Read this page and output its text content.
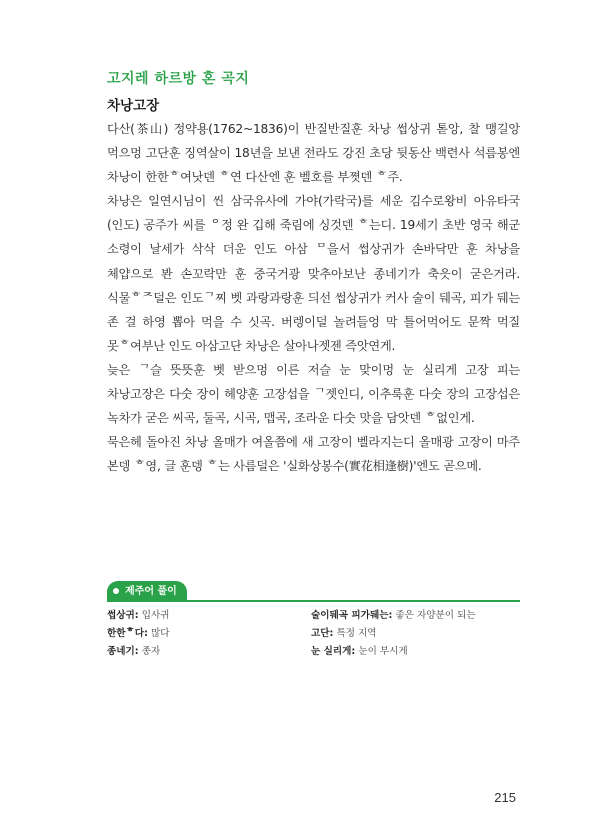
고지레 하르방 혼 곡지
차낭고장

다산(茶山) 정약용(1762~1836)이 반질반질훈 차낭 썹상귀 톧앙, 찰 맹길앙 먹으멍 고단훈 징역살이 18년을 보낸 전라도 강진 초당 뒷동산 백련사 석름봉엔 차낭이 한한ᄒ여낫덴 ᄒ연 다산엔 훈 벨호를 부쪗덴 ᄒ주.

차낭은 일연시님이 씬 삼국유사에 가야(가락국)를 세운 김수로왕비 아유타국(인도) 공주가 씨를 ᄋ정 완 깁해 죽림에 싱것덴 ᄒ는디. 19세기 초반 영국 해군 소령이 날세가 삭삭 더운 인도 아삼 ᄆ을서 썹상귀가 손바닥만 훈 차낭을 체얍으로 봔 손꼬락만 훈 중국거광 맞추아보난 종네기가 축읏이 굳은거라. 식물ᄒᄌ덜은 인도ᄀ찌 벳 과랑과랑훈 듸선 썹상귀가 커사 술이 뒈곡, 피가 뒈는 존 걸 하영 뽑아 먹을 수 싯곡. 버렝이덜 놀려들엉 막 틀어먹어도 문짝 먹질 못ᄒ여부난 인도 아삼고단 차낭은 살아나젯젠 즉앗연게.

늦은 ᄀ슬 뜻뜻훈 벳 받으멍 이른 저슬 눈 맞이멍 눈 실리게 고장 피는 차낭고장은 다숫 장이 헤양훈 고장섭을 ᄀ젯인디, 이추룩훈 다숫 장의 고장섭은 녹차가 굳은 씨곡, 둘곡, 시곡, 맵곡, 조라운 다숫 맛을 담앗덴 ᄒ없인게.

묵은헤 돌아진 차낭 올매가 여올쯤에 새 고장이 벨라지는디 올매광 고장이 마주 본뎅 ᄒ영, 글 훈뎅 ᄒ는 사름덜은 '실화상봉수(實花相逢樹)'엔도 곧으메.

제주어 풀이
썹상귀: 입사귀	술이뒈곡 피가뒈는: 좋은 자양분이 되는
한한ᄒ다: 많다	고단: 특정 지역
종네기: 종자	눈 실리게: 눈이 부시게
215
